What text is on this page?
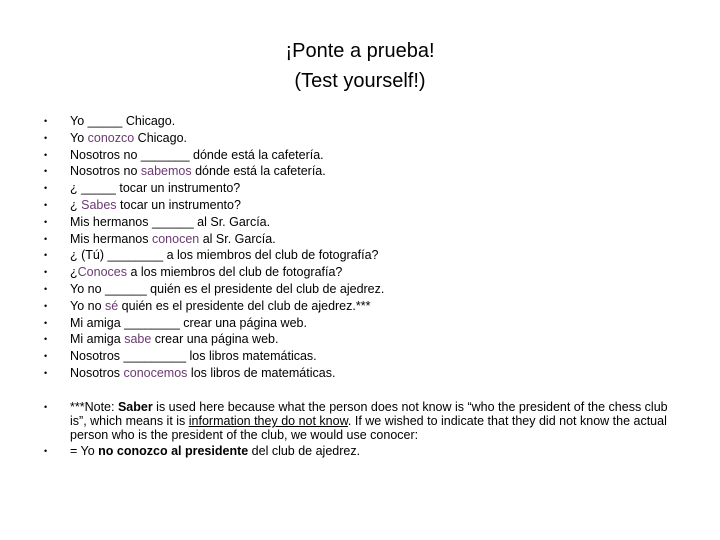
¡Ponte a prueba!
(Test yourself!)
• Yo _____ Chicago.
• Yo conozco Chicago.
• Nosotros no _______ dónde está la cafetería.
• Nosotros no sabemos dónde está la cafetería.
• ¿ _____ tocar un instrumento?
• ¿ Sabes tocar un instrumento?
• Mis hermanos ______ al Sr. García.
• Mis hermanos conocen al Sr. García.
• ¿ (Tú) ________ a los miembros del club de fotografía?
• ¿Conoces a los miembros del club de fotografía?
• Yo no ______ quién es el presidente del club de ajedrez.
• Yo no sé quién es el presidente del club de ajedrez.***
• Mi amiga ________ crear una página web.
• Mi amiga sabe crear una página web.
• Nosotros _________ los libros matemáticas.
• Nosotros conocemos los libros de matemáticas.
• ***Note: Saber is used here because what the person does not know is “who the president of the chess club is”, which means it is information they do not know. If we wished to indicate that they did not know the actual person who is the president of the club, we would use conocer:
• = Yo no conozco al presidente del club de ajedrez.
